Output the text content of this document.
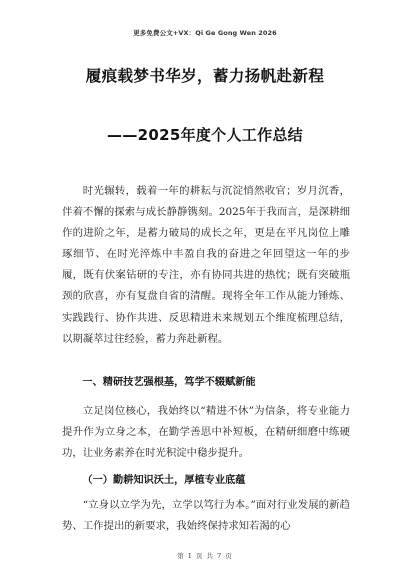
更多免费公文+VX：Qi Ge Gong Wen 2026
履痕载梦书华岁，蓄力扬帆赴新程
——2025年度个人工作总结

时光辗转，载着一年的耕耘与沉淀悄然收官；岁月沉香，伴着不懈的探索与成长静静镌刻。2025年于我而言，是深耕细作的进阶之年，是蓄力破局的成长之年，更是在平凡岗位上雕琢细节、在时光淬炼中丰盈自我的奋进之年回望这一年的步履，既有伏案钻研的专注，亦有协同共进的热忱；既有突破瓶颈的欣喜，亦有复盘自省的清醒。现将全年工作从能力锤炼、实践践行、协作共进、反思精进未来规划五个维度梳理总结，以期凝萃过往经验，蓄力奔赴新程。

一、精研技艺强根基，笃学不辍赋新能

立足岗位核心，我始终以“精进不休”为信条，将专业能力提升作为立身之本，在勤学善思中补短板，在精研细磨中练硬功，让业务素养在时光积淀中稳步提升。

（一）勤耕知识沃土，厚植专业底蕴

“立身以立学为先，立学以笃行为本。”面对行业发展的新趋势、工作提出的新要求，我始终保持求知若渴的心

第 1 页 共 7 页
